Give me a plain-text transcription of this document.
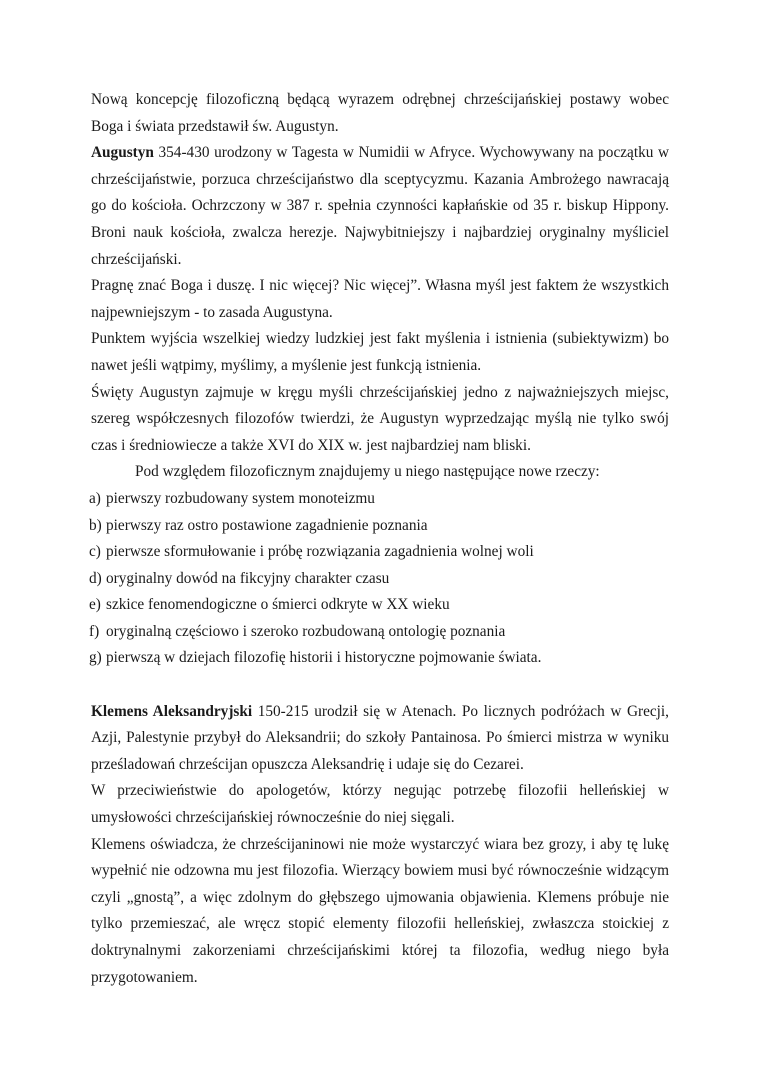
Nową koncepcję filozoficzną będącą wyrazem odrębnej chrześcijańskiej postawy wobec
Boga i świata przedstawił św. Augustyn.
Augustyn 354-430 urodzony w Tagesta w Numidii w Afryce. Wychowywany na początku w
chrześcijaństwie, porzuca chrześcijaństwo dla sceptycyzmu. Kazania Ambrożego nawracają
go do kościoła. Ochrzczony w 387 r. spełnia czynności kapłańskie od 35 r. biskup Hippony.
Broni nauk kościoła, zwalcza herezje. Najwybitniejszy i najbardziej oryginalny myśliciel
chrześcijański.
Pragnę znać Boga i duszę. I nic więcej? Nic więcej”. Własna myśl jest faktem że wszystkich
najpewniejszym - to zasada Augustyna.
Punktem wyjścia wszelkiej wiedzy ludzkiej jest fakt myślenia i istnienia (subiektywizm) bo
nawet jeśli wątpimy, myślimy, a myślenie jest funkcją istnienia.
Święty Augustyn zajmuje w kręgu myśli chrześcijańskiej jedno z najważniejszych miejsc,
szereg współczesnych filozofów twierdzi, że Augustyn wyprzedzając myślą nie tylko swój
czas i średniowiecze a także XVI do XIX w. jest najbardziej nam bliski.
Pod względem filozoficznym znajdujemy u niego następujące nowe rzeczy:
a) pierwszy rozbudowany system monoteizmu
b) pierwszy raz ostro postawione zagadnienie poznania
c) pierwsze sformułowanie i próbę rozwiązania zagadnienia wolnej woli
d) oryginalny dowód na fikcyjny charakter czasu
e) szkice fenomendogiczne o śmierci odkryte w XX wieku
f) oryginalną częściowo i szeroko rozbudowaną ontologię poznania
g) pierwszą w dziejach filozofię historii i historyczne pojmowanie świata.
Klemens Aleksandryjski 150-215 urodził się w Atenach. Po licznych podróżach w Grecji,
Azji, Palestynie przybył do Aleksandrii; do szkoły Pantainosa. Po śmierci mistrza w wyniku
prześladowań chrześcijan opuszcza Aleksandrię i udaje się do Cezarei.
W przeciwieństwie do apologetów, którzy negując potrzebę filozofii helleńskiej w
umysłowości chrześcijańskiej równocześnie do niej sięgali.
Klemens oświadcza, że chrześcijaninowi nie może wystarczyć wiara bez grozy, i aby tę lukę
wypełnić nie odzowna mu jest filozofia. Wierzący bowiem musi być równocześnie widzącym
czyli „gnostą”, a więc zdolnym do głębszego ujmowania objawienia. Klemens próbuje nie
tylko przemieszać, ale wręcz stopić elementy filozofii helleńskiej, zwłaszcza stoickiej z
doktrynalnymi zakorzeniami chrześcijańskimi której ta filozofia, według niego była
przygotowaniem.
